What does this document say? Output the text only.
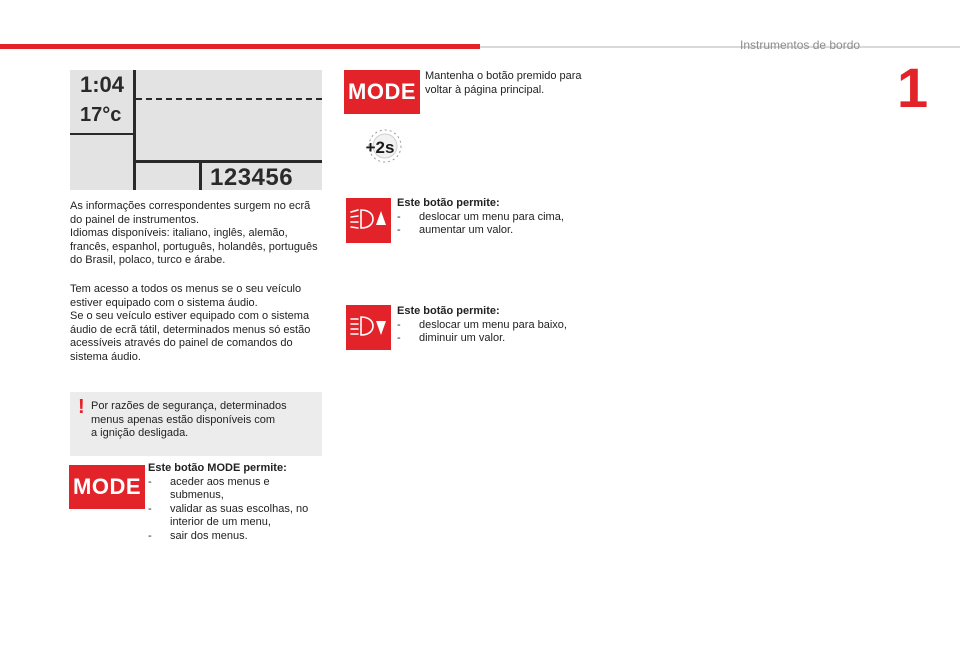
Instrumentos de bordo
1
1:04
17°c
123456
As informações correspondentes surgem no ecrã
do painel de instrumentos.
Idiomas disponíveis: italiano, inglês, alemão,
francês, espanhol, português, holandês, português
do Brasil, polaco, turco e árabe.
Tem acesso a todos os menus se o seu veículo
estiver equipado com o sistema áudio.
Se o seu veículo estiver equipado com o sistema
áudio de ecrã tátil, determinados menus só estão
acessíveis através do painel de comandos do
sistema áudio.
! Por razões de segurança, determinados
menus apenas estão disponíveis com
a ignição desligada.
MODE
Este botão MODE permite:
- aceder aos menus e submenus,
- validar as suas escolhas, no interior de um menu,
- sair dos menus.
MODE
Mantenha o botão premido para
voltar à página principal.
+2s
Este botão permite:
- deslocar um menu para cima,
- aumentar um valor.
Este botão permite:
- deslocar um menu para baixo,
- diminuir um valor.
